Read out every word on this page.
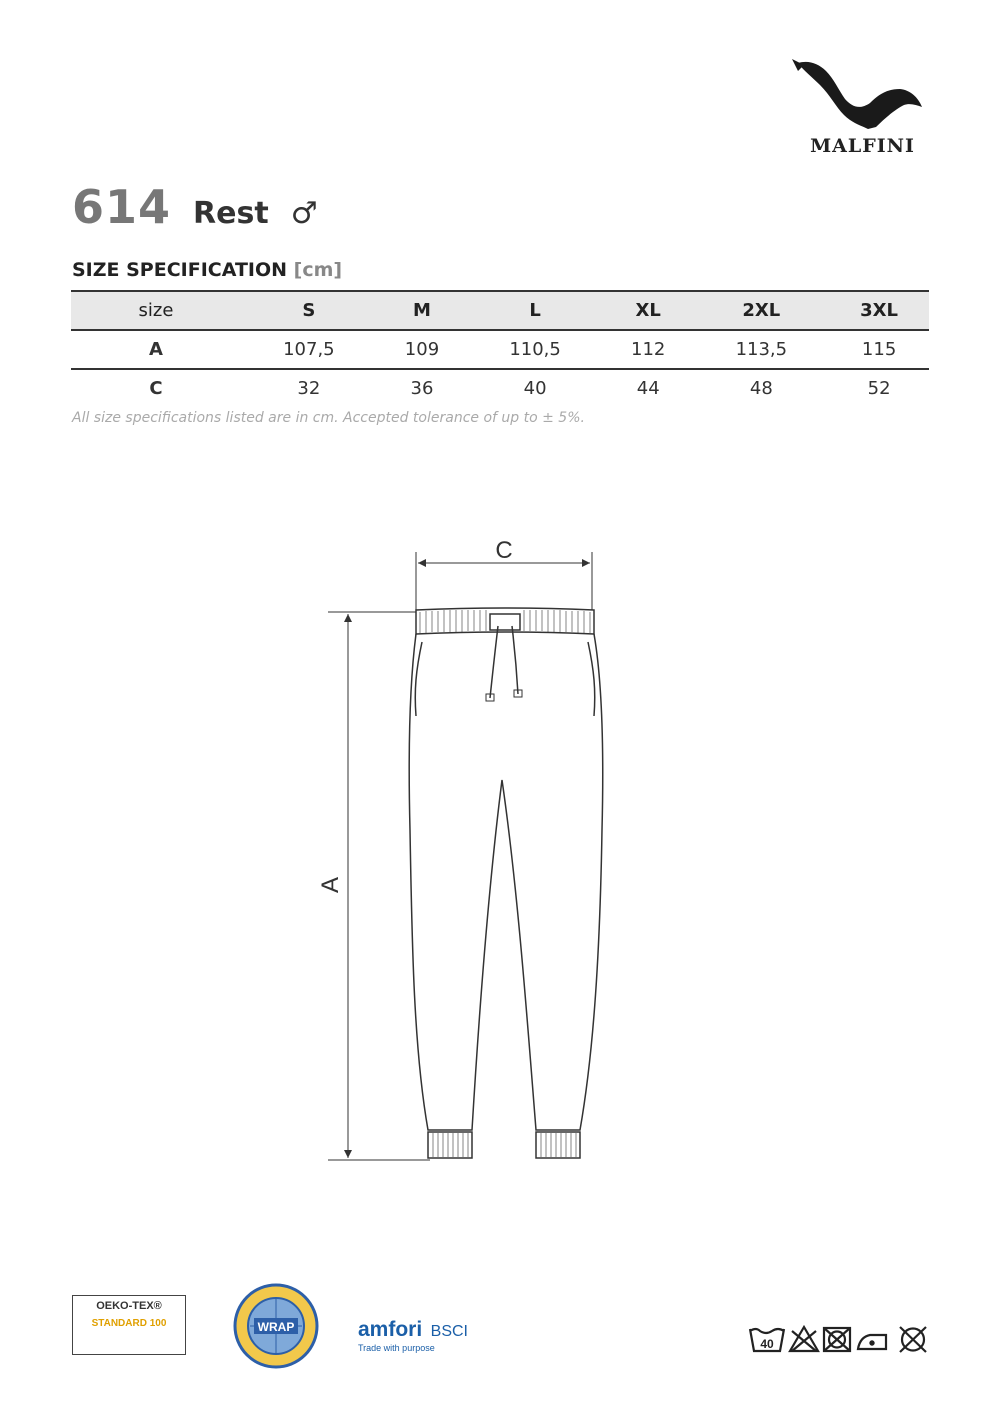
MALFINI
614 Rest ♂
SIZE SPECIFICATION [cm]
size	S	M	L	XL	2XL	3XL
A	107,5	109	110,5	112	113,5	115
C	32	36	40	44	48	52
All size specifications listed are in cm. Accepted tolerance of up to ± 5%.
C
A
OEKO-TEX®
STANDARD 100	WRAP	amfori BSCI
Trade with purpose	40
